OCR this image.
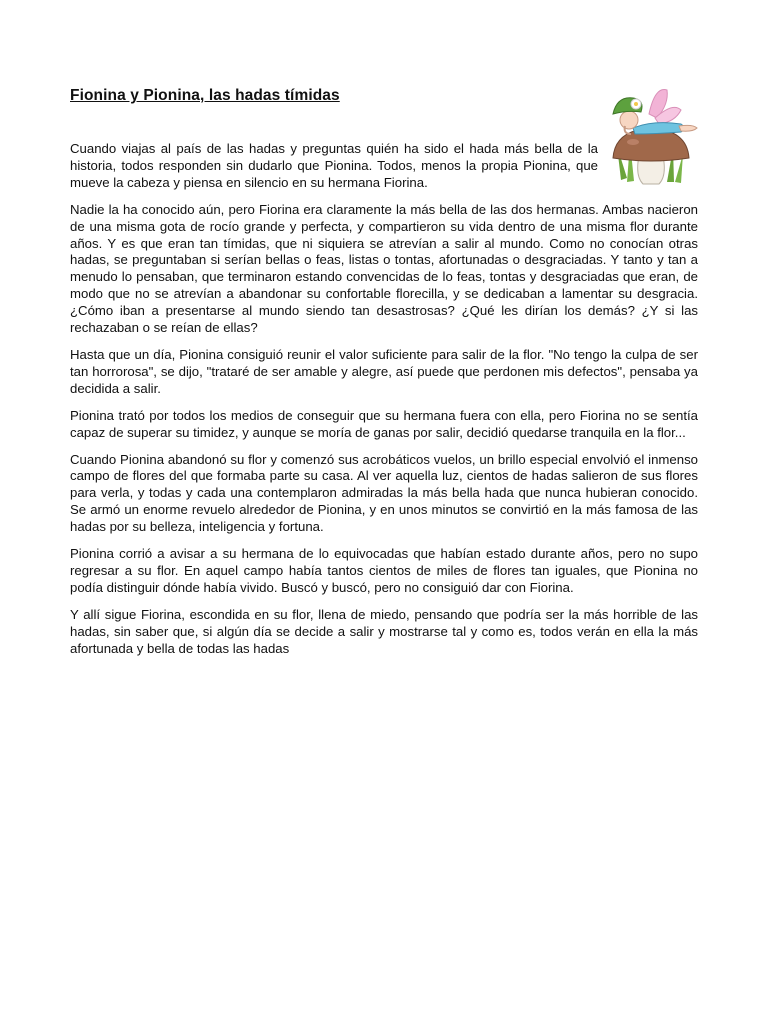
Fionina y Pionina, las hadas tímidas

Cuando viajas al país de las hadas y preguntas quién ha sido el hada más bella de la historia, todos responden sin dudarlo que Pionina. Todos, menos la propia Pionina, que mueve la cabeza y piensa en silencio en su hermana Fiorina.

Nadie la ha conocido aún, pero Fiorina era claramente la más bella de las dos hermanas. Ambas nacieron de una misma gota de rocío grande y perfecta, y compartieron su vida dentro de una misma flor durante años. Y es que eran tan tímidas, que ni siquiera se atrevían a salir al mundo. Como no conocían otras hadas, se preguntaban si serían bellas o feas, listas o tontas, afortunadas o desgraciadas. Y tanto y tan a menudo lo pensaban, que terminaron estando convencidas de lo feas, tontas y desgraciadas que eran, de modo que no se atrevían a abandonar su confortable florecilla, y se dedicaban a lamentar su desgracia. ¿Cómo iban a presentarse al mundo siendo tan desastrosas? ¿Qué les dirían los demás? ¿Y si las rechazaban o se reían de ellas?

Hasta que un día, Pionina consiguió reunir el valor suficiente para salir de la flor. "No tengo la culpa de ser tan horrorosa", se dijo, "trataré de ser amable y alegre, así puede que perdonen mis defectos", pensaba ya decidida a salir.

Pionina trató por todos los medios de conseguir que su hermana fuera con ella, pero Fiorina no se sentía capaz de superar su timidez, y aunque se moría de ganas por salir, decidió quedarse tranquila en la flor...

Cuando Pionina abandonó su flor y comenzó sus acrobáticos vuelos, un brillo especial envolvió el inmenso campo de flores del que formaba parte su casa. Al ver aquella luz, cientos de hadas salieron de sus flores para verla, y todas y cada una contemplaron admiradas la más bella hada que nunca hubieran conocido. Se armó un enorme revuelo alrededor de Pionina, y en unos minutos se convirtió en la más famosa de las hadas por su belleza, inteligencia y fortuna.

Pionina corrió a avisar a su hermana de lo equivocadas que habían estado durante años, pero no supo regresar a su flor. En aquel campo había tantos cientos de miles de flores tan iguales, que Pionina no podía distinguir dónde había vivido. Buscó y buscó, pero no consiguió dar con Fiorina.

Y allí sigue Fiorina, escondida en su flor, llena de miedo, pensando que podría ser la más horrible de las hadas, sin saber que, si algún día se decide a salir y mostrarse tal y como es, todos verán en ella la más afortunada y bella de todas las hadas
